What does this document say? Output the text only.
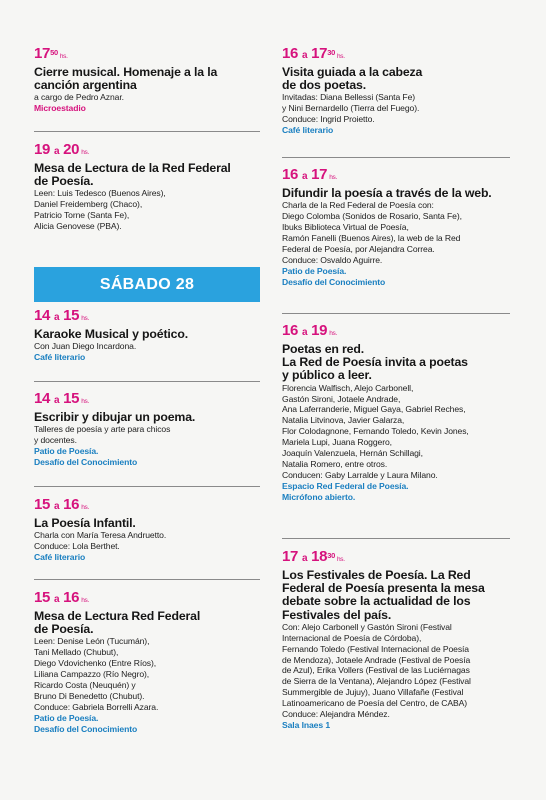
$17^{50}$ hs.
Cierre musical. Homenaje a la la
canción argentina
a cargo de Pedro Aznar.
Microestadio
19 a 20 hs.
Mesa de Lectura de la Red Federal
de Poesía.
Leen: Luis Tedesco (Buenos Aires),
Daniel Freidemberg (Chaco),
Patricio Torne (Santa Fe),
Alicia Genovese (PBA).
SÁBADO 28
14 a 15 hs.
Karaoke Musical y poético.
Con Juan Diego Incardona.
Café literario
14 a 15 hs.
Escribir y dibujar un poema.
Talleres de poesía y arte para chicos
y docentes.
Patio de Poesía.
Desafío del Conocimiento
15 a 16 hs.
La Poesía Infantil.
Charla con María Teresa Andruetto.
Conduce: Lola Berthet.
Café literario
15 a 16 hs.
Mesa de Lectura Red Federal
de Poesía.
Leen: Denise León (Tucumán),
Tani Mellado (Chubut),
Diego Vdovichenko (Entre Ríos),
Liliana Campazzo (Río Negro),
Ricardo Costa (Neuquén) y
Bruno Di Benedetto (Chubut).
Conduce: Gabriela Borrelli Azara.
Patio de Poesía.
Desafío del Conocimiento
16 a $17^{30}$ hs.
Visita guiada a la cabeza
de dos poetas.
Invitadas: Diana Bellessi (Santa Fe)
y Nini Bernardello (Tierra del Fuego).
Conduce: Ingrid Proietto.
Café literario
16 a 17 hs.
Difundir la poesía a través de la web.
Charla de la Red Federal de Poesía con:
Diego Colomba (Sonidos de Rosario, Santa Fe),
Ibuks Biblioteca Virtual de Poesía,
Ramón Fanelli (Buenos Aires), la web de la Red
Federal de Poesía, por Alejandra Correa.
Conduce: Osvaldo Aguirre.
Patio de Poesía.
Desafío del Conocimiento
16 a 19 hs.
Poetas en red.
La Red de Poesía invita a poetas
y público a leer.
Florencia Walfisch, Alejo Carbonell,
Gastón Sironi, Jotaele Andrade,
Ana Laferranderie, Miguel Gaya, Gabriel Reches,
Natalia Litvinova, Javier Galarza,
Flor Colodagnone, Fernando Toledo, Kevin Jones,
Mariela Lupi, Juana Roggero,
Joaquín Valenzuela, Hernán Schillagi,
Natalia Romero, entre otros.
Conducen: Gaby Larralde y Laura Milano.
Espacio Red Federal de Poesía.
Micrófono abierto.
17 a $18^{30}$ hs.
Los Festivales de Poesía. La Red
Federal de Poesía presenta la mesa
debate sobre la actualidad de los
Festivales del país.
Con: Alejo Carbonell y Gastón Sironi (Festival
Internacional de Poesía de Córdoba),
Fernando Toledo (Festival Internacional de Poesía
de Mendoza), Jotaele Andrade (Festival de Poesía
de Azul), Erika Vollers (Festival de las Luciérnagas
de Sierra de la Ventana), Alejandro López (Festival
Summergible de Jujuy), Juano Villafañe (Festival
Latinoamericano de Poesía del Centro, de CABA)
Conduce: Alejandra Méndez.
Sala Inaes 1
